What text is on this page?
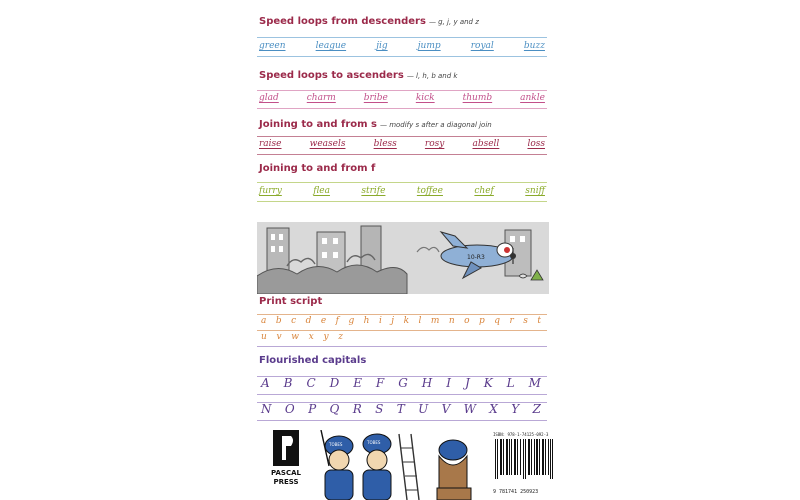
Speed loops from descenders — g, j, y and z
green	league	jig	jump	royal	buzz
Speed loops to ascenders — l, h, b and k
glad	charm	bribe	kick	thumb	ankle
Joining to and from s — modify s after a diagonal join
raise	weasels	bless	rosy	absell	loss
Joining to and from f
furry	flea	strife	toffee	chef	sniff
10-R3
Print script
a b c d e f g h i j k l m n o p q r s t
u v w x y z
Flourished capitals
A B C D E F G H I J K L M
N O P Q R S T U V W X Y Z
PASCAL
PRESS
TOBES	TOBES
ISBN: 978-1-74125-092-3
9 781741 250923
